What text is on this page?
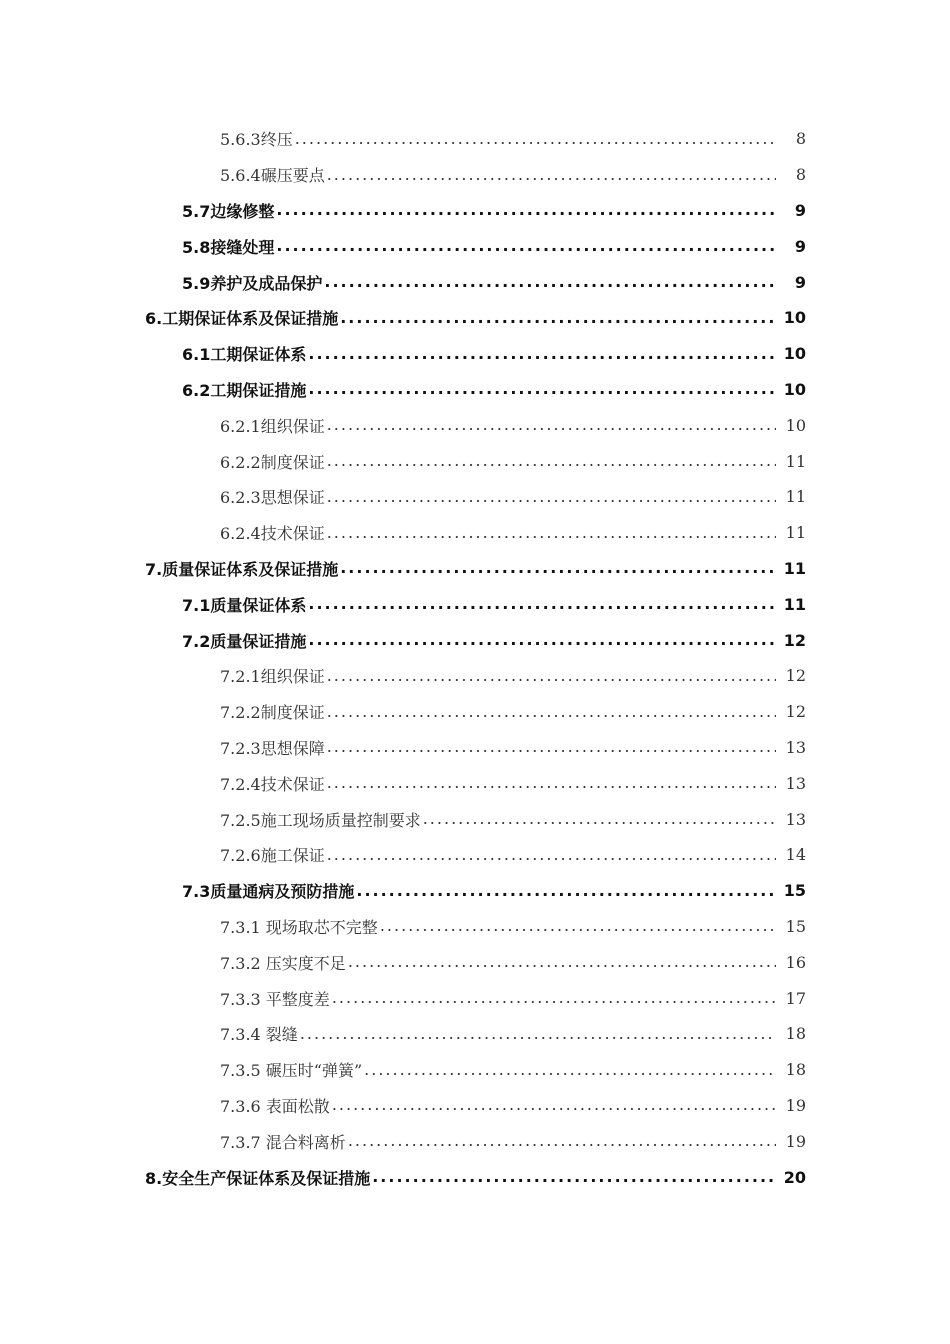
5.6.3终压 .....	8
5.6.4碾压要点 .....	8
5.7边缘修整 .....	9
5.8接缝处理 .....	9
5.9养护及成品保护 .....	9
6.工期保证体系及保证措施 .....	10
6.1工期保证体系 .....	10
6.2工期保证措施 .....	10
6.2.1组织保证 .....	10
6.2.2制度保证 .....	11
6.2.3思想保证 .....	11
6.2.4技术保证 .....	11
7.质量保证体系及保证措施 .....	11
7.1质量保证体系 .....	11
7.2质量保证措施 .....	12
7.2.1组织保证 .....	12
7.2.2制度保证 .....	12
7.2.3思想保障 .....	13
7.2.4技术保证 .....	13
7.2.5施工现场质量控制要求 .....	13
7.2.6施工保证 .....	14
7.3质量通病及预防措施 .....	15
7.3.1 现场取芯不完整 .....	15
7.3.2 压实度不足 .....	16
7.3.3 平整度差 .....	17
7.3.4 裂缝 .....	18
7.3.5 碾压时“弹簧” .....	18
7.3.6 表面松散 .....	19
7.3.7 混合料离析 .....	19
8.安全生产保证体系及保证措施 .....	20
